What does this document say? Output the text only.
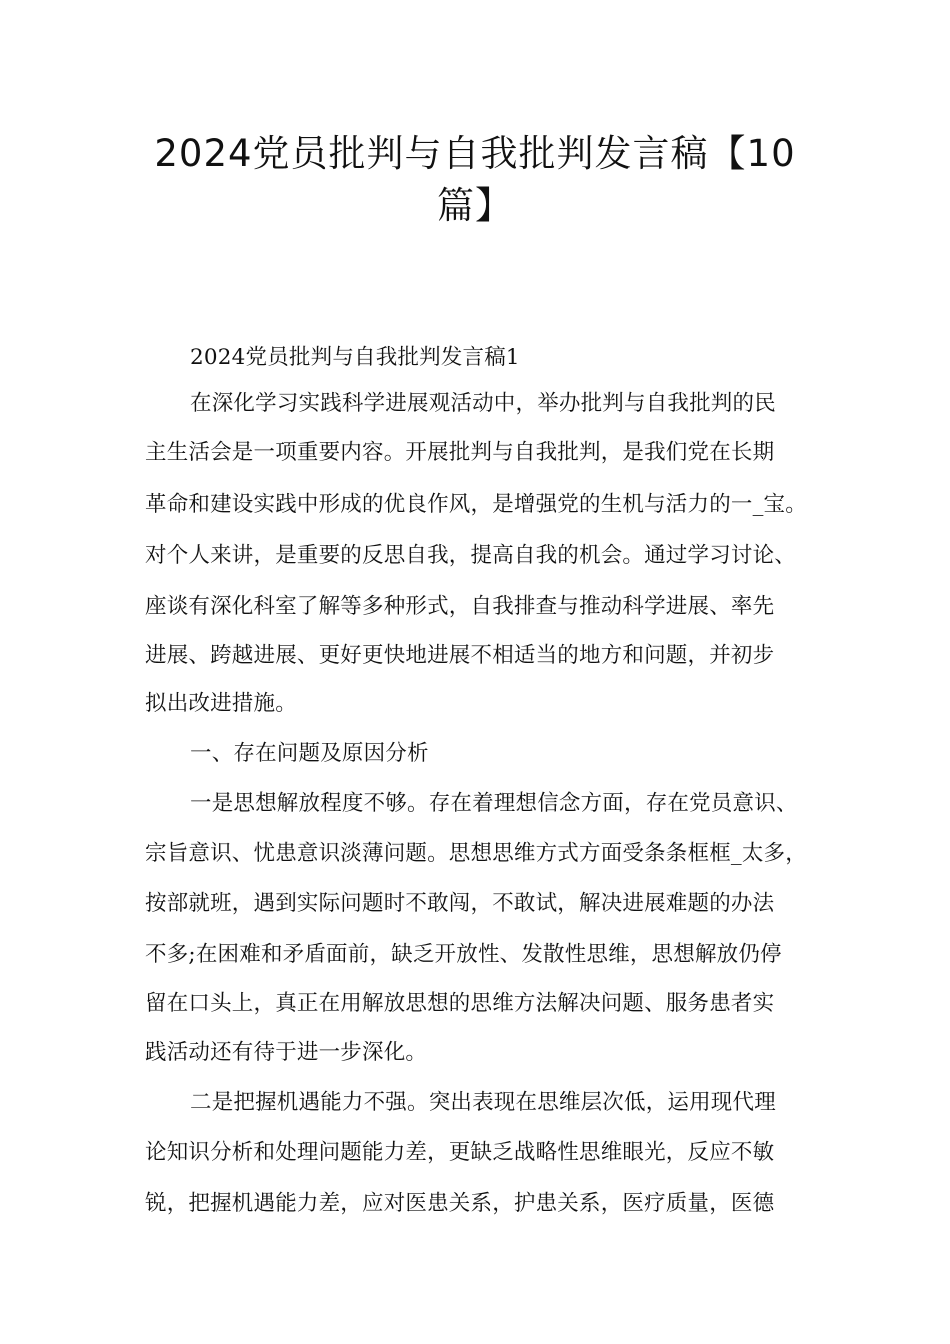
2024党员批判与自我批判发言稿【10
篇】
2024党员批判与自我批判发言稿1
在深化学习实践科学进展观活动中，举办批判与自我批判的民
主生活会是一项重要内容。开展批判与自我批判，是我们党在长期
革命和建设实践中形成的优良作风，是增强党的生机与活力的一_宝。
对个人来讲，是重要的反思自我，提高自我的机会。通过学习讨论、
座谈有深化科室了解等多种形式，自我排查与推动科学进展、率先
进展、跨越进展、更好更快地进展不相适当的地方和问题，并初步
拟出改进措施。
一、存在问题及原因分析
一是思想解放程度不够。存在着理想信念方面，存在党员意识、
宗旨意识、忧患意识淡薄问题。思想思维方式方面受条条框框_太多，
按部就班，遇到实际问题时不敢闯，不敢试，解决进展难题的办法
不多;在困难和矛盾面前，缺乏开放性、发散性思维，思想解放仍停
留在口头上，真正在用解放思想的思维方法解决问题、服务患者实
践活动还有待于进一步深化。
二是把握机遇能力不强。突出表现在思维层次低，运用现代理
论知识分析和处理问题能力差，更缺乏战略性思维眼光，反应不敏
锐，把握机遇能力差，应对医患关系，护患关系，医疗质量，医德
